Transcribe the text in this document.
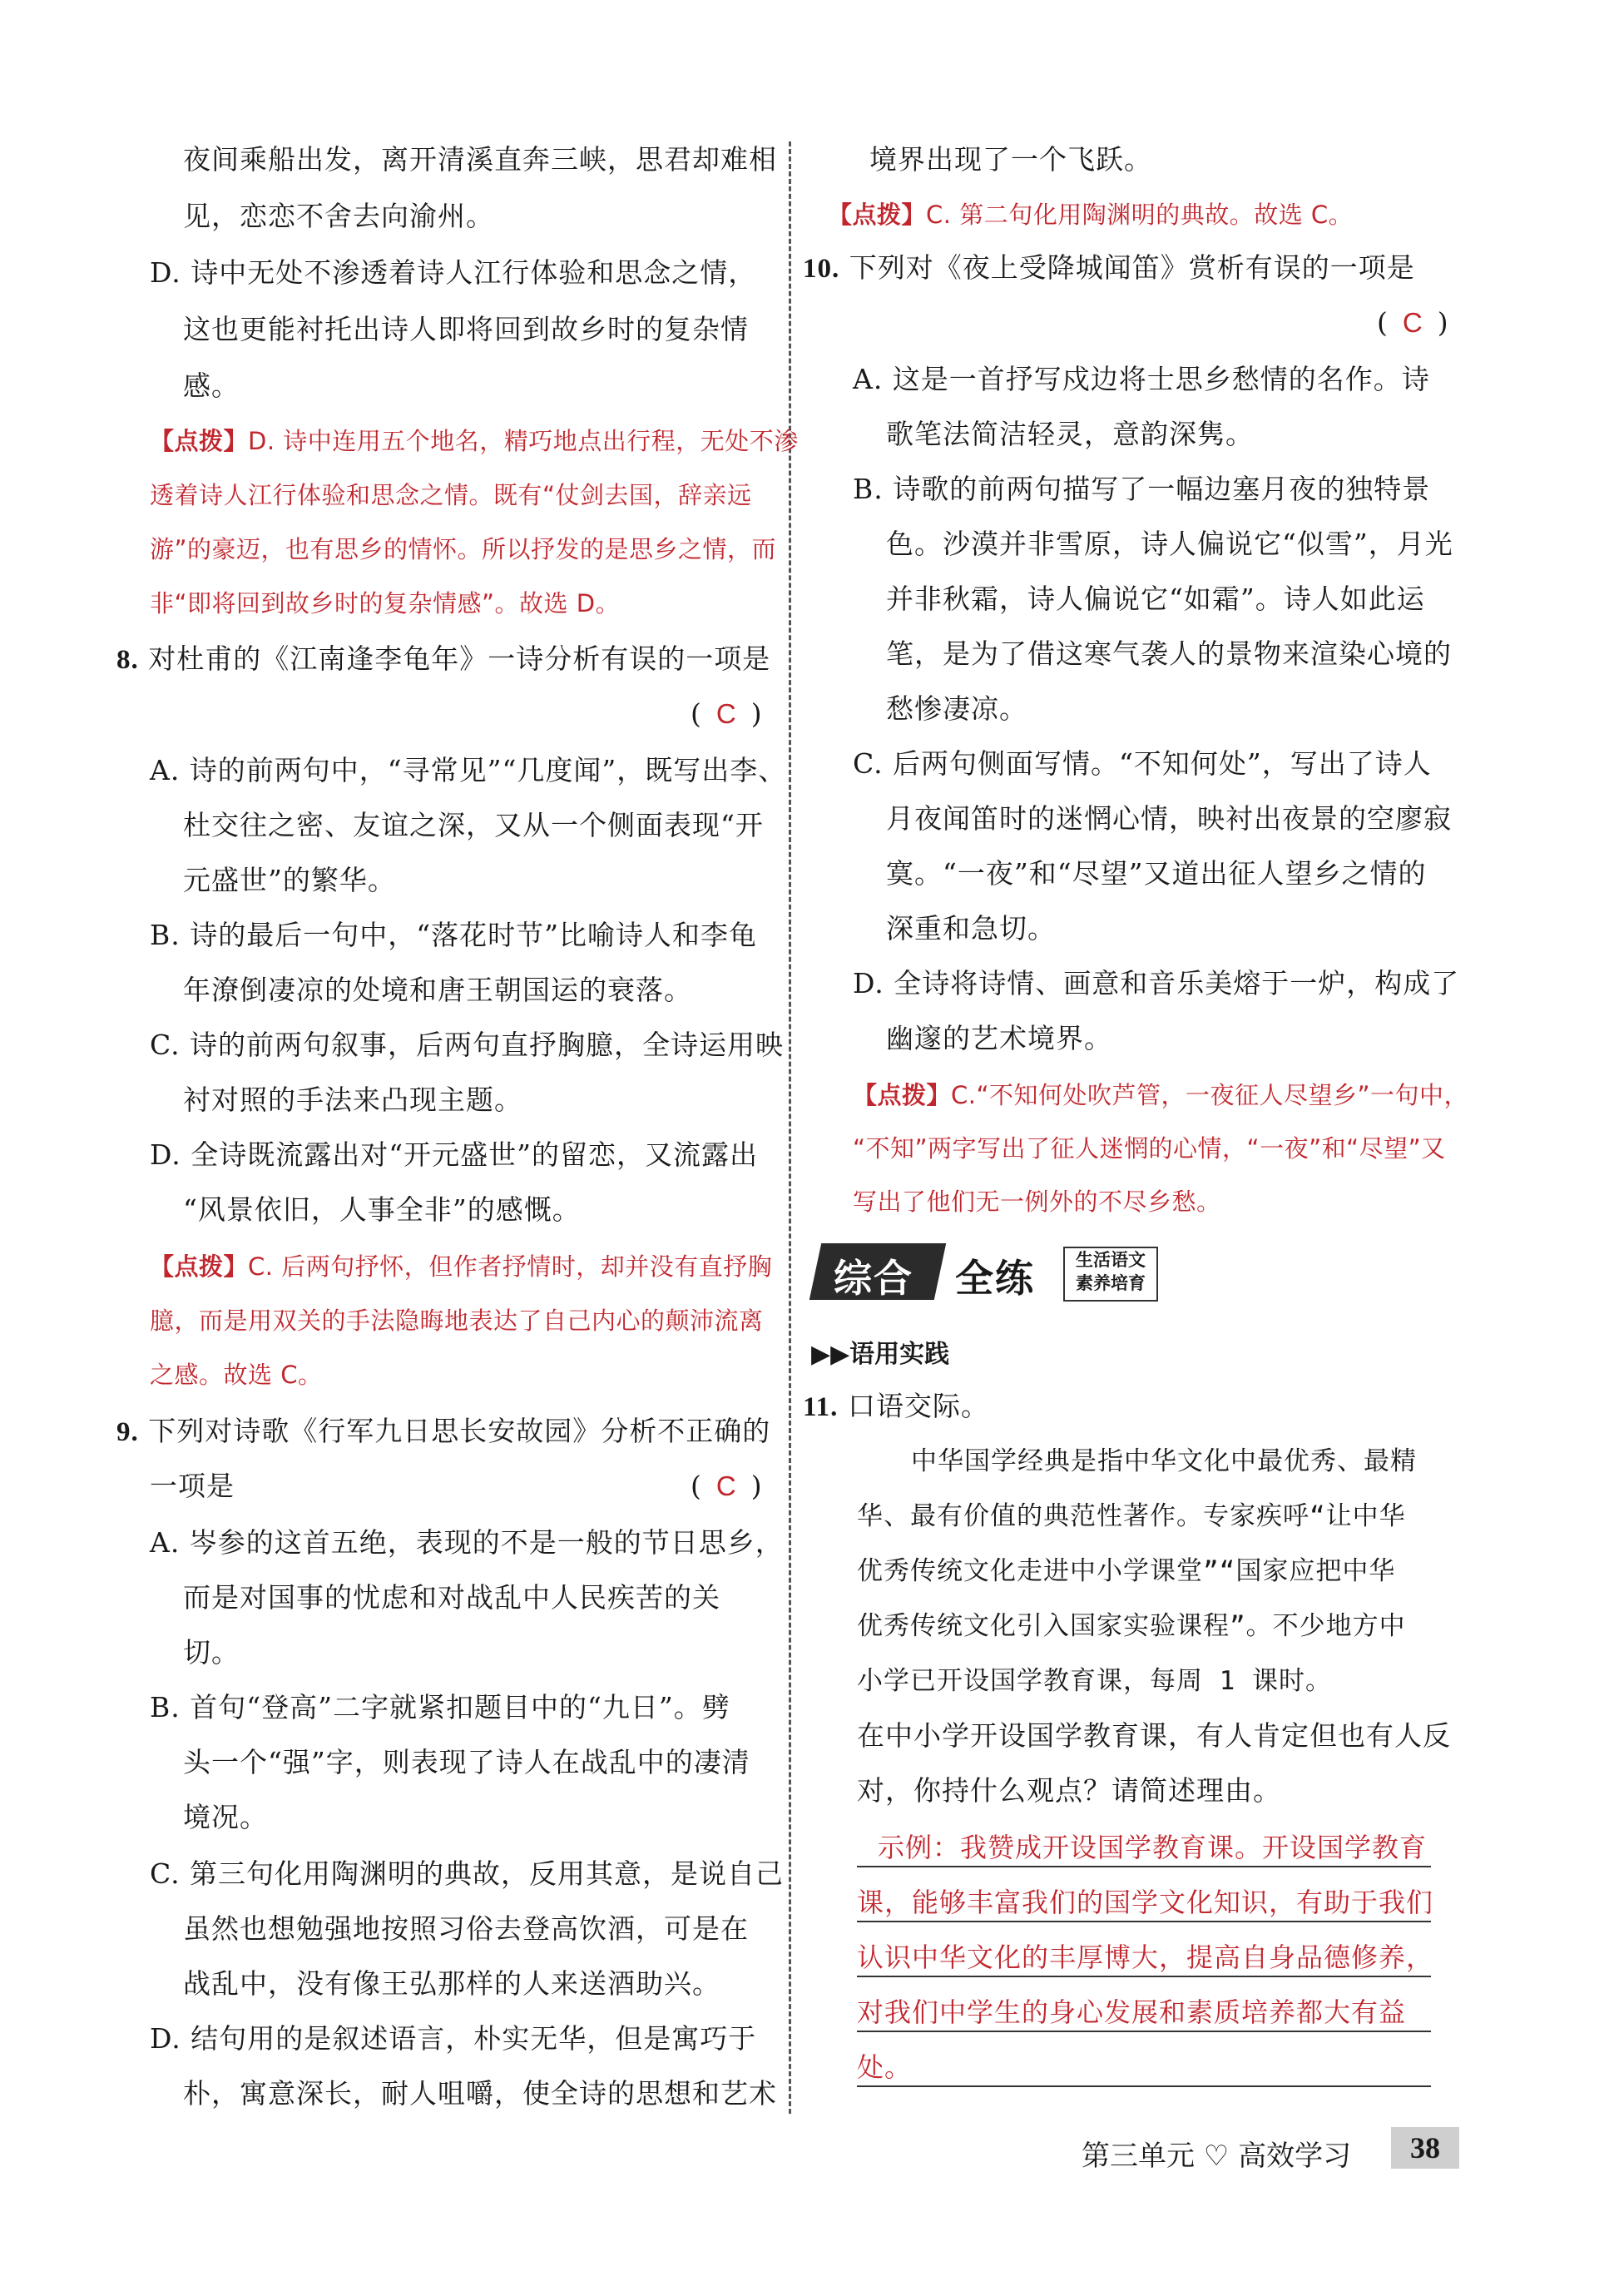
夜间乘船出发，离开清溪直奔三峡，思君却难相
见，恋恋不舍去向渝州。
D. 诗中无处不渗透着诗人江行体验和思念之情，
这也更能衬托出诗人即将回到故乡时的复杂情
感。
【点拨】D. 诗中连用五个地名，精巧地点出行程，无处不渗
透着诗人江行体验和思念之情。既有“仗剑去国，辞亲远
游”的豪迈，也有思乡的情怀。所以抒发的是思乡之情，而
非“即将回到故乡时的复杂情感”。故选 D。
8. 对杜甫的《江南逢李龟年》一诗分析有误的一项是
( C )
A. 诗的前两句中，“寻常见”“几度闻”，既写出李、
杜交往之密、友谊之深，又从一个侧面表现“开
元盛世”的繁华。
B. 诗的最后一句中，“落花时节”比喻诗人和李龟
年潦倒凄凉的处境和唐王朝国运的衰落。
C. 诗的前两句叙事，后两句直抒胸臆，全诗运用映
衬对照的手法来凸现主题。
D. 全诗既流露出对“开元盛世”的留恋，又流露出
“风景依旧，人事全非”的感慨。
【点拨】C. 后两句抒怀，但作者抒情时，却并没有直抒胸
臆，而是用双关的手法隐晦地表达了自己内心的颠沛流离
之感。故选 C。
9. 下列对诗歌《行军九日思长安故园》分析不正确的
一项是	( C )
A. 岑参的这首五绝，表现的不是一般的节日思乡，
而是对国事的忧虑和对战乱中人民疾苦的关
切。
B. 首句“登高”二字就紧扣题目中的“九日”。劈
头一个“强”字，则表现了诗人在战乱中的凄清
境况。
C. 第三句化用陶渊明的典故，反用其意，是说自己
虽然也想勉强地按照习俗去登高饮酒，可是在
战乱中，没有像王弘那样的人来送酒助兴。
D. 结句用的是叙述语言，朴实无华，但是寓巧于
朴，寓意深长，耐人咀嚼，使全诗的思想和艺术
境界出现了一个飞跃。
【点拨】C. 第二句化用陶渊明的典故。故选 C。
10. 下列对《夜上受降城闻笛》赏析有误的一项是
( C )
A. 这是一首抒写戍边将士思乡愁情的名作。诗
歌笔法简洁轻灵，意韵深隽。
B. 诗歌的前两句描写了一幅边塞月夜的独特景
色。沙漠并非雪原，诗人偏说它“似雪”，月光
并非秋霜，诗人偏说它“如霜”。诗人如此运
笔，是为了借这寒气袭人的景物来渲染心境的
愁惨凄凉。
C. 后两句侧面写情。“不知何处”，写出了诗人
月夜闻笛时的迷惘心情，映衬出夜景的空廖寂
寞。“一夜”和“尽望”又道出征人望乡之情的
深重和急切。
D. 全诗将诗情、画意和音乐美熔于一炉，构成了
幽邃的艺术境界。
【点拨】C.“不知何处吹芦管，一夜征人尽望乡”一句中，
“不知”两字写出了征人迷惘的心情，“一夜”和“尽望”又
写出了他们无一例外的不尽乡愁。
综合 全练	生活语文
素养培育
▶▶语用实践
11. 口语交际。
中华国学经典是指中华文化中最优秀、最精
华、最有价值的典范性著作。专家疾呼“让中华
优秀传统文化走进中小学课堂”“国家应把中华
优秀传统文化引入国家实验课程”。不少地方中
小学已开设国学教育课，每周 1 课时。
在中小学开设国学教育课，有人肯定但也有人反
对，你持什么观点？请简述理由。
示例：我赞成开设国学教育课。开设国学教育
课，能够丰富我们的国学文化知识，有助于我们
认识中华文化的丰厚博大，提高自身品德修养，
对我们中学生的身心发展和素质培养都大有益
处。
第三单元 ♡ 高效学习	38
